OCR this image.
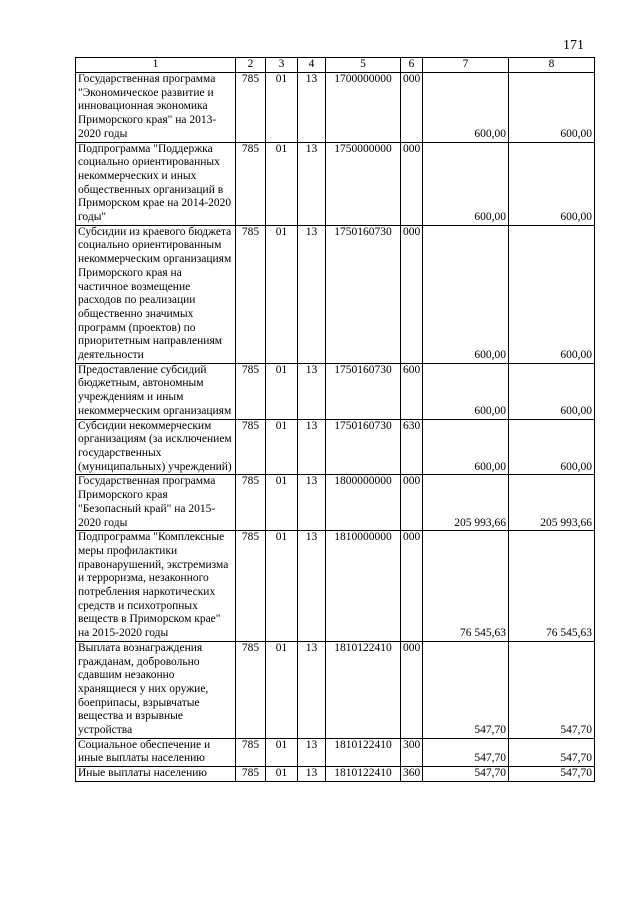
171
1	2	3	4	5	6	7	8
Государственная программа "Экономическое развитие и инновационная экономика Приморского края" на 2013-2020 годы	785	01	13	1700000000	000	600,00	600,00
Подпрограмма "Поддержка социально ориентированных некоммерческих и иных общественных организаций в Приморском крае на 2014-2020 годы"	785	01	13	1750000000	000	600,00	600,00
Субсидии из краевого бюджета социально ориентированным некоммерческим организациям Приморского края на частичное возмещение расходов по реализации общественно значимых программ (проектов) по приоритетным направлениям деятельности	785	01	13	1750160730	000	600,00	600,00
Предоставление субсидий бюджетным, автономным учреждениям и иным некоммерческим организациям	785	01	13	1750160730	600	600,00	600,00
Субсидии некоммерческим организациям (за исключением государственных (муниципальных) учреждений)	785	01	13	1750160730	630	600,00	600,00
Государственная программа Приморского края "Безопасный край" на 2015-2020 годы	785	01	13	1800000000	000	205 993,66	205 993,66
Подпрограмма "Комплексные меры профилактики правонарушений, экстремизма и терроризма, незаконного потребления наркотических средств и психотропных веществ в Приморском крае" на 2015-2020 годы	785	01	13	1810000000	000	76 545,63	76 545,63
Выплата вознаграждения гражданам, добровольно сдавшим незаконно хранящиеся у них оружие, боеприпасы, взрывчатые вещества и взрывные устройства	785	01	13	1810122410	000	547,70	547,70
Социальное обеспечение и иные выплаты населению	785	01	13	1810122410	300	547,70	547,70
Иные выплаты населению	785	01	13	1810122410	360	547,70	547,70
